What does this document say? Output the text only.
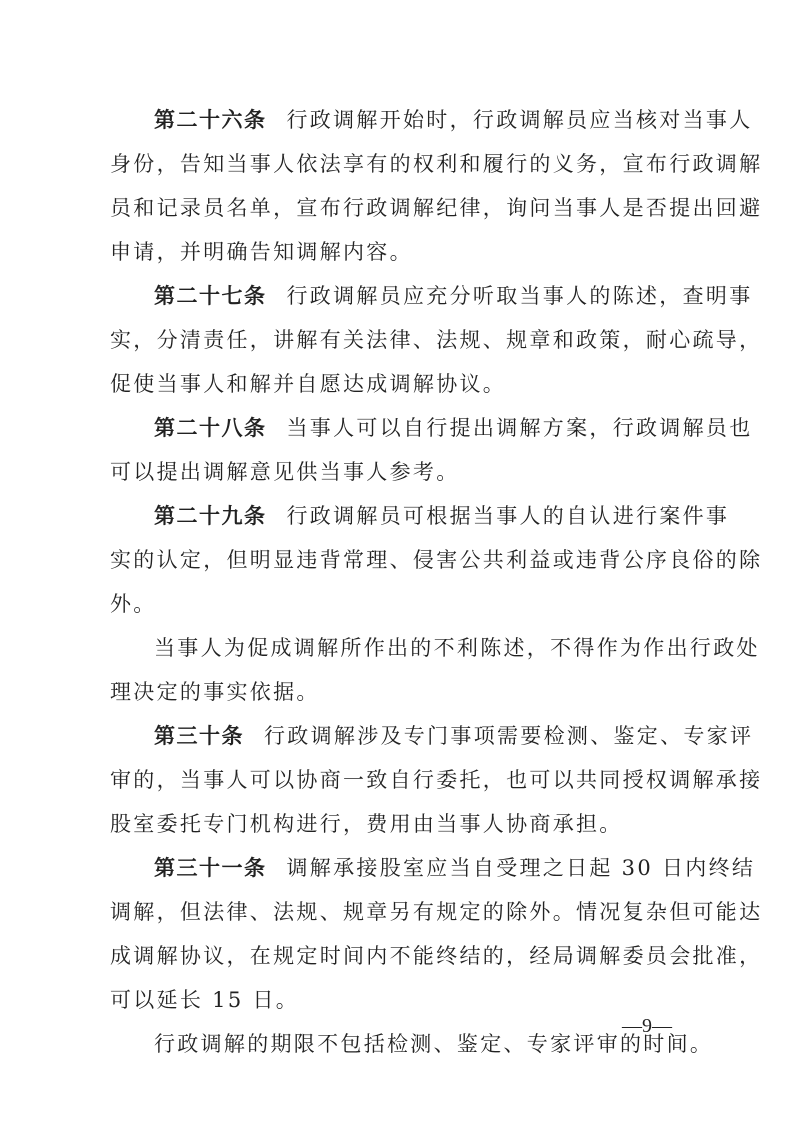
第二十六条 行政调解开始时，行政调解员应当核对当事人
身份，告知当事人依法享有的权利和履行的义务，宣布行政调解
员和记录员名单，宣布行政调解纪律，询问当事人是否提出回避
申请，并明确告知调解内容。
第二十七条 行政调解员应充分听取当事人的陈述，查明事
实，分清责任，讲解有关法律、法规、规章和政策，耐心疏导，
促使当事人和解并自愿达成调解协议。
第二十八条 当事人可以自行提出调解方案，行政调解员也
可以提出调解意见供当事人参考。
第二十九条 行政调解员可根据当事人的自认进行案件事
实的认定，但明显违背常理、侵害公共利益或违背公序良俗的除
外。
当事人为促成调解所作出的不利陈述，不得作为作出行政处
理决定的事实依据。
第三十条 行政调解涉及专门事项需要检测、鉴定、专家评
审的，当事人可以协商一致自行委托，也可以共同授权调解承接
股室委托专门机构进行，费用由当事人协商承担。
第三十一条 调解承接股室应当自受理之日起 30 日内终结
调解，但法律、法规、规章另有规定的除外。情况复杂但可能达
成调解协议，在规定时间内不能终结的，经局调解委员会批准，
可以延长 15 日。
行政调解的期限不包括检测、鉴定、专家评审的时间。
—9—
